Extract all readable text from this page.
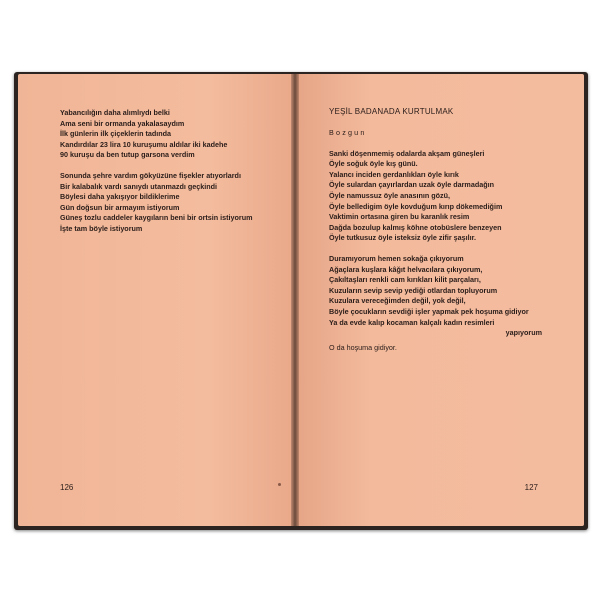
Yabancılığın daha alımlıydı belki
Ama seni bir ormanda yakalasaydım
İlk günlerin ilk çiçeklerin tadında
Kandırdılar 23 lira 10 kuruşumu aldılar iki kadehe
90 kuruşu da ben tutup garsona verdim
Sonunda şehre vardım gökyüzüne fişekler atıyorlardı
Bir kalabalık vardı sanıydı utanmazdı geçkindi
Böylesi daha yakışıyor bildiklerime
Gün doğsun bir armayım istiyorum
Güneş tozlu caddeler kaygıların beni bir ortsin istiyorum
İşte tam böyle istiyorum
126
YEŞİL BADANADA KURTULMAK
Bozgun
Sanki döşenmemiş odalarda akşam güneşleri
Öyle soğuk öyle kış günü.
Yalancı inciden gerdanlıkları öyle kırık
Öyle sulardan çayırlardan uzak öyle darmadağın
Öyle namussuz öyle anasının gözü,
Öyle belledigim öyle kovduğum kırıp dökemediğim
Vaktimin ortasına giren bu karanlık resim
Dağda bozulup kalmış köhne otobüslere benzeyen
Öyle tutkusuz öyle isteksiz öyle zifir şaşılır.
Duramıyorum hemen sokağa çıkıyorum
Ağaçlara kuşlara kâğıt helvacılara çıkıyorum,
Çakıltaşları renkli cam kırıkları kilit parçaları,
Kuzuların sevip sevip yediği otlardan topluyorum
Kuzulara vereceğimden değil, yok değil,
Böyle çocukların sevdiği işler yapmak pek hoşuma gidiyor
Ya da evde kalıp kocaman kalçalı kadın resimleri
yapıyorum
O da hoşuma gidiyor.
127
